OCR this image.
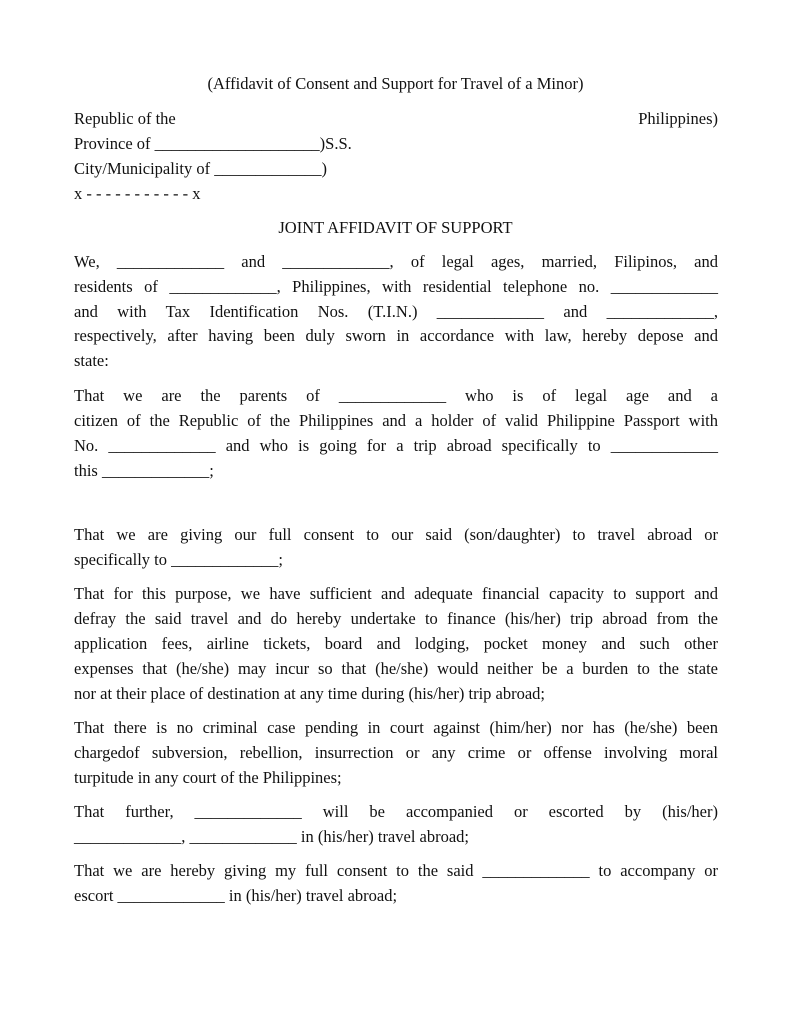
(Affidavit of Consent and Support for Travel of a Minor)
Republic of the	Philippines)
Province of ____________________)S.S.
City/Municipality of _____________)
x - - - - - - - - - - - x
JOINT AFFIDAVIT OF SUPPORT
We, _____________ and _____________, of legal ages, married, Filipinos, and
residents of _____________, Philippines, with residential telephone no. _____________
and with Tax Identification Nos. (T.I.N.) _____________ and _____________,
respectively, after having been duly sworn in accordance with law, hereby depose and
state:
That we are the parents of _____________ who is of legal age and a
citizen of the Republic of the Philippines and a holder of valid Philippine Passport with
No. _____________ and who is going for a trip abroad specifically to _____________
this _____________;
That we are giving our full consent to our said (son/daughter) to travel abroad or
specifically to _____________;
That for this purpose, we have sufficient and adequate financial capacity to support and
defray the said travel and do hereby undertake to finance (his/her) trip abroad from the
application fees, airline tickets, board and lodging, pocket money and such other
expenses that (he/she) may incur so that (he/she) would neither be a burden to the state
nor at their place of destination at any time during (his/her) trip abroad;
That there is no criminal case pending in court against (him/her) nor has (he/she) been
chargedof subversion, rebellion, insurrection or any crime or offense involving moral
turpitude in any court of the Philippines;
That further, _____________ will be accompanied or escorted by (his/her)
_____________, _____________ in (his/her) travel abroad;
That we are hereby giving my full consent to the said _____________ to accompany or
escort _____________ in (his/her) travel abroad;
